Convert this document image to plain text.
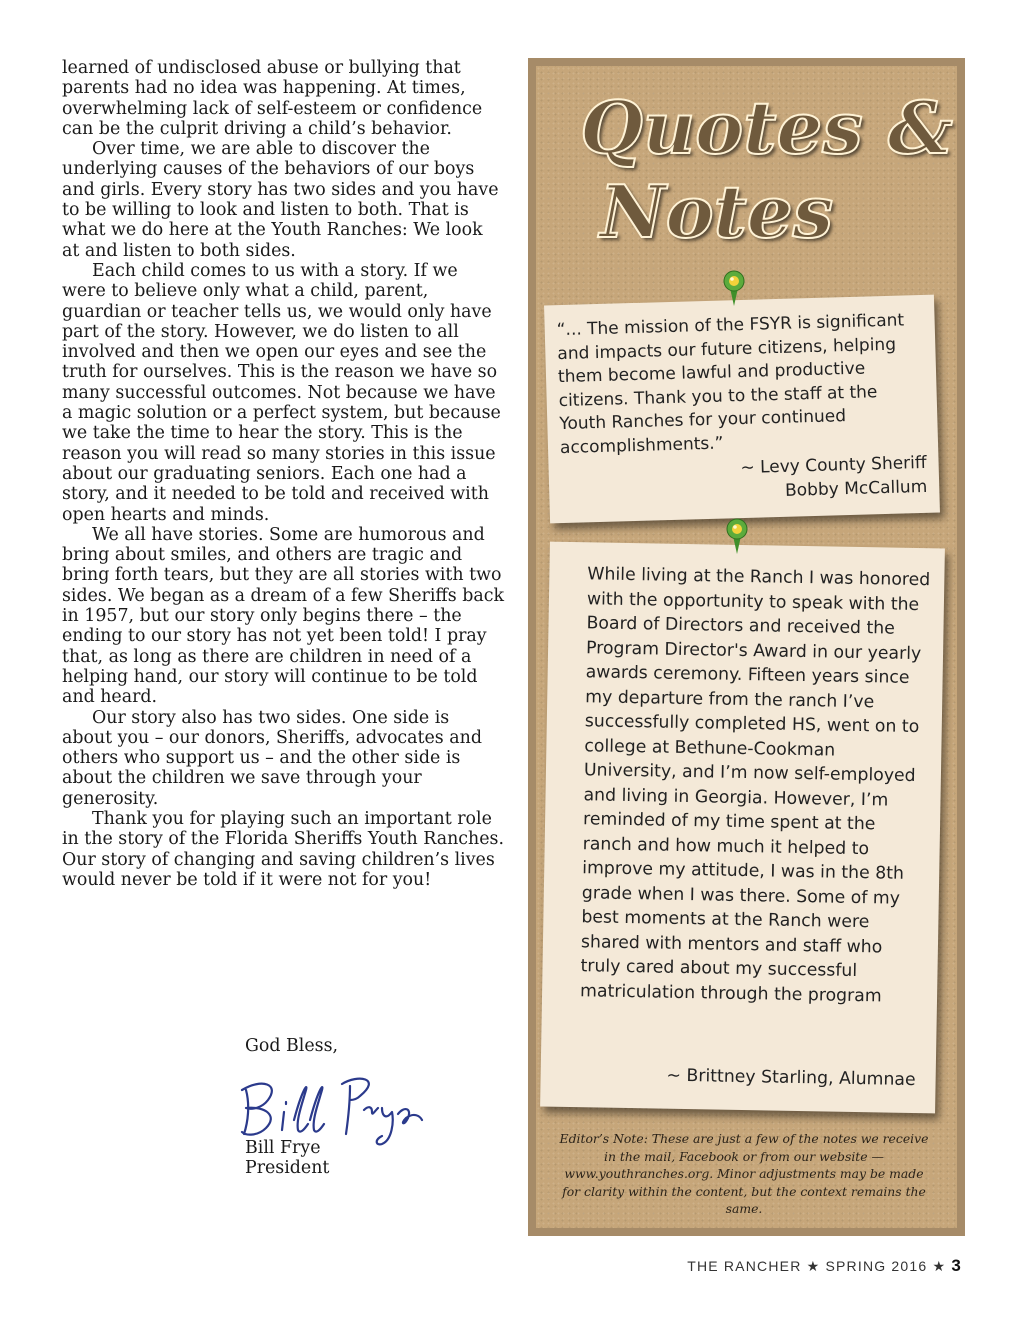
learned of undisclosed abuse or bullying that parents had no idea was happening. At times, overwhelming lack of self-esteem or confidence can be the culprit driving a child’s behavior.

Over time, we are able to discover the underlying causes of the behaviors of our boys and girls. Every story has two sides and you have to be willing to look and listen to both. That is what we do here at the Youth Ranches: We look at and listen to both sides.

Each child comes to us with a story. If we were to believe only what a child, parent, guardian or teacher tells us, we would only have part of the story. However, we do listen to all involved and then we open our eyes and see the truth for ourselves. This is the reason we have so many successful outcomes. Not because we have a magic solution or a perfect system, but because we take the time to hear the story. This is the reason you will read so many stories in this issue about our graduating seniors. Each one had a story, and it needed to be told and received with open hearts and minds.

We all have stories. Some are humorous and bring about smiles, and others are tragic and bring forth tears, but they are all stories with two sides. We began as a dream of a few Sheriffs back in 1957, but our story only begins there – the ending to our story has not yet been told! I pray that, as long as there are children in need of a helping hand, our story will continue to be told and heard.

Our story also has two sides. One side is about you – our donors, Sheriffs, advocates and others who support us – and the other side is about the children we save through your generosity.

Thank you for playing such an important role in the story of the Florida Sheriffs Youth Ranches. Our story of changing and saving children’s lives would never be told if it were not for you!

God Bless,
Bill Frye
President
Quotes &
Notes
“... The mission of the FSYR is significant and impacts our future citizens, helping them become lawful and productive citizens. Thank you to the staff at the Youth Ranches for your continued accomplishments.”
~ Levy County Sheriff
Bobby McCallum
While living at the Ranch I was honored with the opportunity to speak with the Board of Directors and received the Program Director's Award in our yearly awards ceremony. Fifteen years since my departure from the ranch I’ve successfully completed HS, went on to college at Bethune-Cookman University, and I’m now self-employed and living in Georgia. However, I’m reminded of my time spent at the ranch and how much it helped to improve my attitude, I was in the 8th grade when I was there. Some of my best moments at the Ranch were shared with mentors and staff who truly cared about my successful matriculation through the program
~ Brittney Starling, Alumnae
Editor’s Note: These are just a few of the notes we receive in the mail, Facebook or from our website — www.youthranches.org. Minor adjustments may be made for clarity within the content, but the context remains the same.
THE RANCHER ★ SPRING 2016 ★ 3
